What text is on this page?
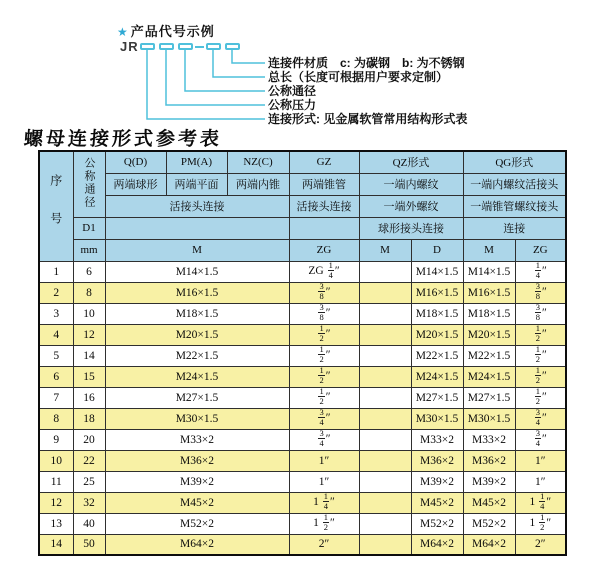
★ 产品代号示例
JR
连接件材质　c: 为碳钢　b: 为不锈钢
总长（长度可根据用户要求定制）
公称通径
公称压力
连接形式: 见金属软管常用结构形式表
螺母连接形式参考表
序号	公称通径	Q(D)	PM(A)	NZ(C)	GZ	QZ形式		QG形式	
		两端球形	两端平面	两端内锥	两端锥管	一端内螺纹		一端内螺纹活接头	
		活接头连接			活接头连接	一端外螺纹		一端锥管螺纹接头	
	D1					球形接头连接		连接	
	mm	M			ZG	M	D	M	ZG
1	6	M14×1.5			ZG $\frac{1}{4}$ ″		M14×1.5	M14×1.5	$\frac{1}{4}$ ″
2	8	M16×1.5			$\frac{3}{8}$ ″		M16×1.5	M16×1.5	$\frac{3}{8}$ ″
3	10	M18×1.5			$\frac{3}{8}$ ″		M18×1.5	M18×1.5	$\frac{3}{8}$ ″
4	12	M20×1.5			$\frac{1}{2}$ ″		M20×1.5	M20×1.5	$\frac{1}{2}$ ″
5	14	M22×1.5			$\frac{1}{2}$ ″		M22×1.5	M22×1.5	$\frac{1}{2}$ ″
6	15	M24×1.5			$\frac{1}{2}$ ″		M24×1.5	M24×1.5	$\frac{1}{2}$ ″
7	16	M27×1.5			$\frac{1}{2}$ ″		M27×1.5	M27×1.5	$\frac{1}{2}$ ″
8	18	M30×1.5			$\frac{3}{4}$ ″		M30×1.5	M30×1.5	$\frac{3}{4}$ ″
9	20	M33×2			$\frac{3}{4}$ ″		M33×2	M33×2	$\frac{3}{4}$ ″
10	22	M36×2			1″		M36×2	M36×2	1″
11	25	M39×2			1″		M39×2	M39×2	1″
12	32	M45×2			$1 \frac{1}{4}$ ″		M45×2	M45×2	$1 \frac{1}{4}$ ″
13	40	M52×2			$1 \frac{1}{2}$ ″		M52×2	M52×2	$1 \frac{1}{2}$ ″
14	50	M64×2			2″		M64×2	M64×2	2″
